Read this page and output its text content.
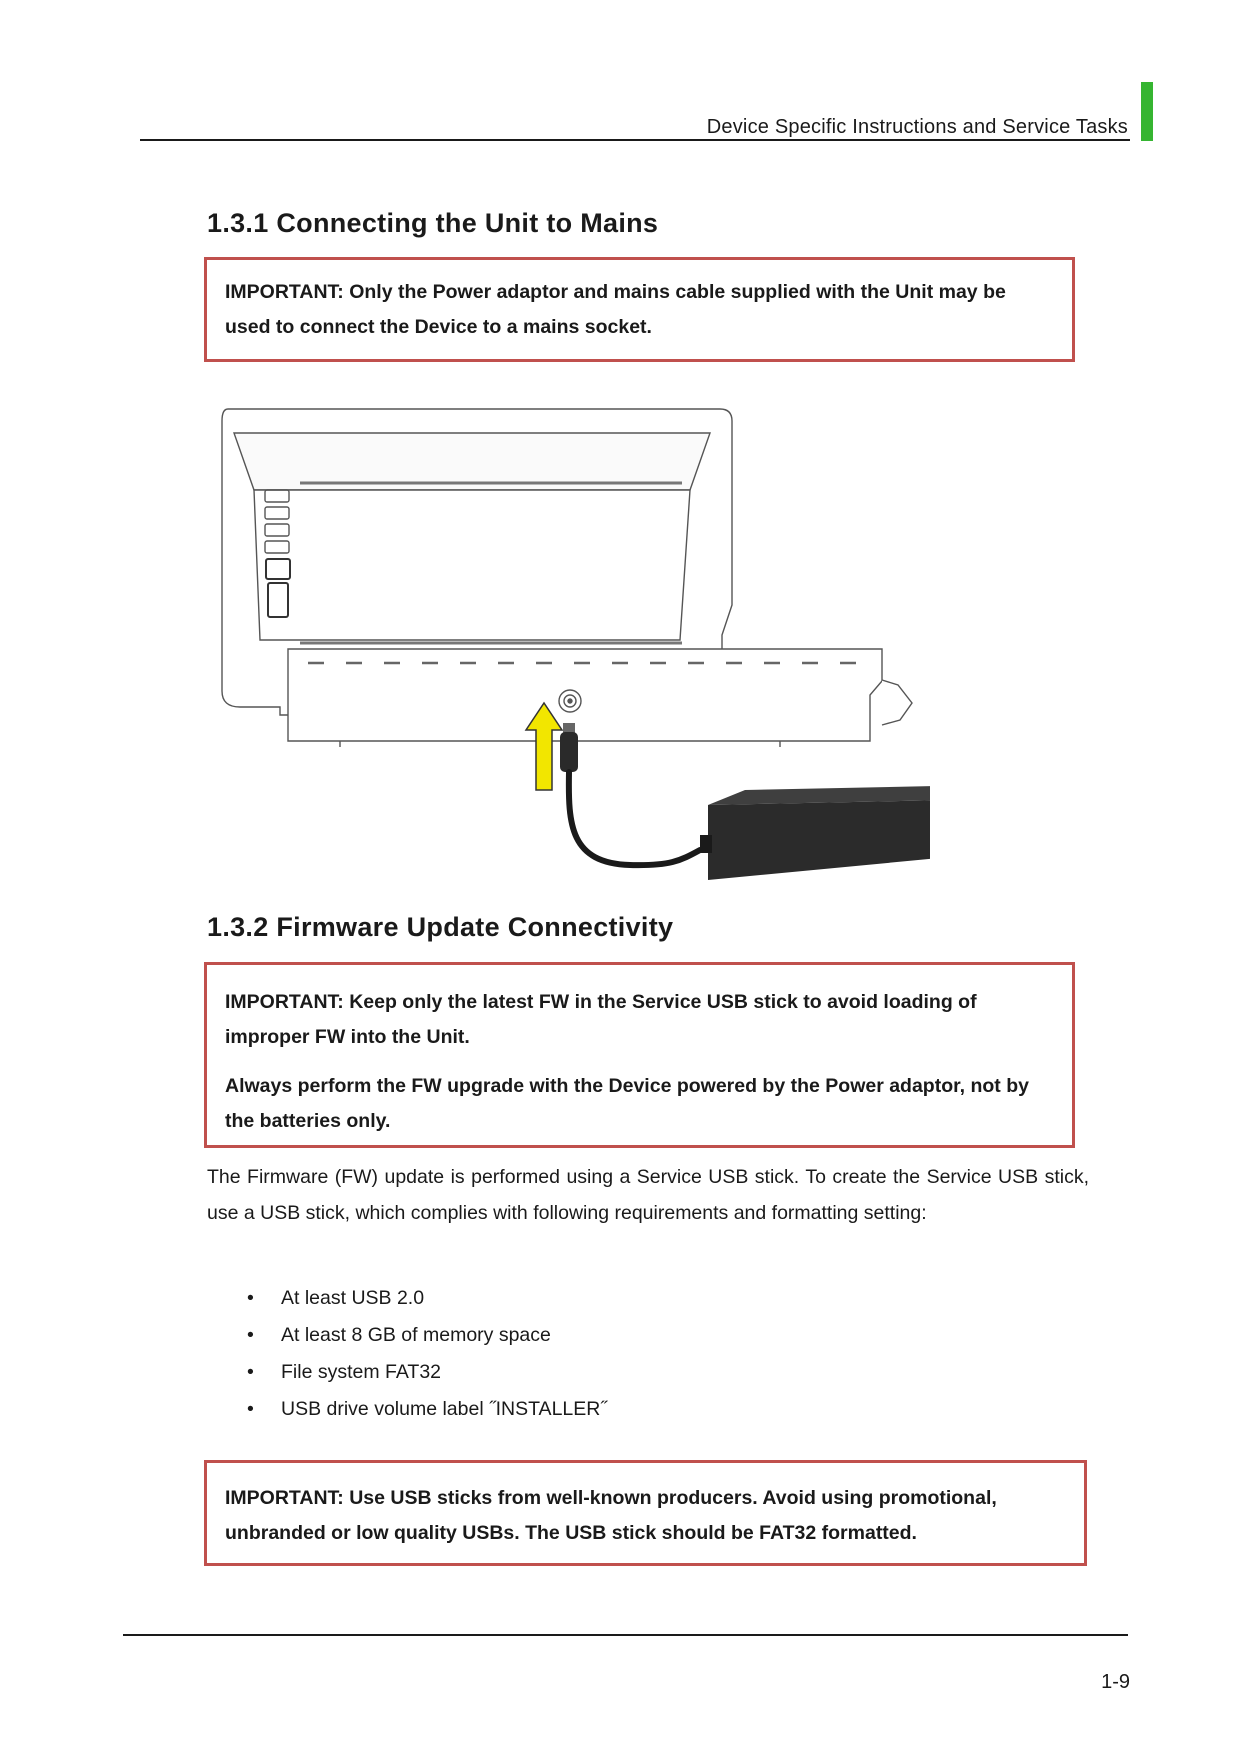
Device Specific Instructions and Service Tasks
1.3.1 Connecting the Unit to Mains

IMPORTANT: Only the Power adaptor and mains cable supplied with the Unit may be used to connect the Device to a mains socket.

1.3.2 Firmware Update Connectivity

IMPORTANT: Keep only the latest FW in the Service USB stick to avoid loading of improper FW into the Unit.

Always perform the FW upgrade with the Device powered by the Power adaptor, not by the batteries only.

The Firmware (FW) update is performed using a Service USB stick. To create the Service USB stick, use a USB stick, which complies with following requirements and formatting setting:
• At least USB 2.0
• At least 8 GB of memory space
• File system FAT32
• USB drive volume label ˝INSTALLER˝

IMPORTANT: Use USB sticks from well-known producers. Avoid using promotional, unbranded or low quality USBs. The USB stick should be FAT32 formatted.

1-9
